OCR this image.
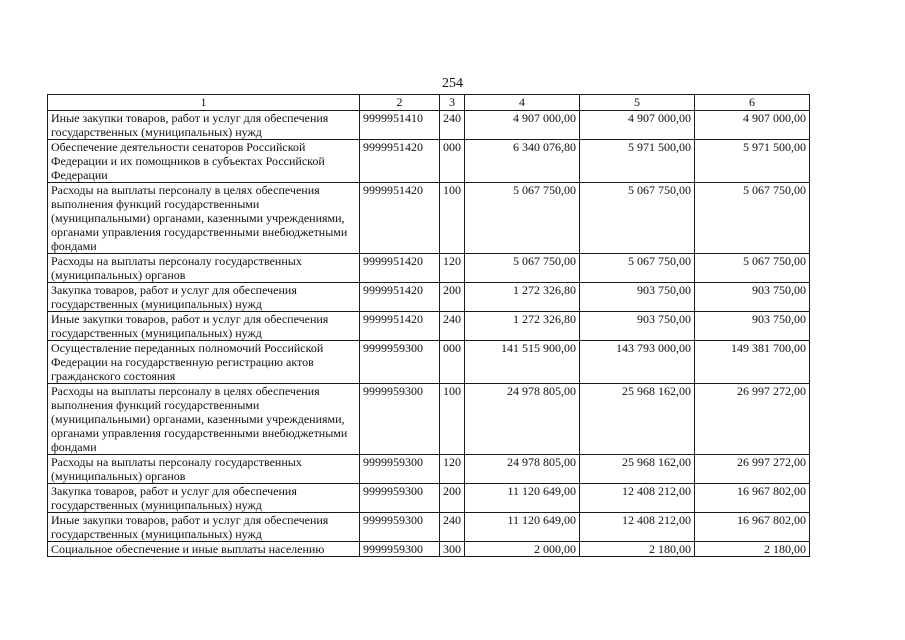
254
1	2	3	4	5	6
Иные закупки товаров, работ и услуг для обеспечения государственных (муниципальных) нужд	9999951410	240	4 907 000,00	4 907 000,00	4 907 000,00
Обеспечение деятельности сенаторов Российской Федерации и их помощников в субъектах Российской Федерации	9999951420	000	6 340 076,80	5 971 500,00	5 971 500,00
Расходы на выплаты персоналу в целях обеспечения выполнения функций государственными (муниципальными) органами, казенными учреждениями, органами управления государственными внебюджетными фондами	9999951420	100	5 067 750,00	5 067 750,00	5 067 750,00
Расходы на выплаты персоналу государственных (муниципальных) органов	9999951420	120	5 067 750,00	5 067 750,00	5 067 750,00
Закупка товаров, работ и услуг для обеспечения государственных (муниципальных) нужд	9999951420	200	1 272 326,80	903 750,00	903 750,00
Иные закупки товаров, работ и услуг для обеспечения государственных (муниципальных) нужд	9999951420	240	1 272 326,80	903 750,00	903 750,00
Осуществление переданных полномочий Российской Федерации на государственную регистрацию актов гражданского состояния	9999959300	000	141 515 900,00	143 793 000,00	149 381 700,00
Расходы на выплаты персоналу в целях обеспечения выполнения функций государственными (муниципальными) органами, казенными учреждениями, органами управления государственными внебюджетными фондами	9999959300	100	24 978 805,00	25 968 162,00	26 997 272,00
Расходы на выплаты персоналу государственных (муниципальных) органов	9999959300	120	24 978 805,00	25 968 162,00	26 997 272,00
Закупка товаров, работ и услуг для обеспечения государственных (муниципальных) нужд	9999959300	200	11 120 649,00	12 408 212,00	16 967 802,00
Иные закупки товаров, работ и услуг для обеспечения государственных (муниципальных) нужд	9999959300	240	11 120 649,00	12 408 212,00	16 967 802,00
Социальное обеспечение и иные выплаты населению	9999959300	300	2 000,00	2 180,00	2 180,00
